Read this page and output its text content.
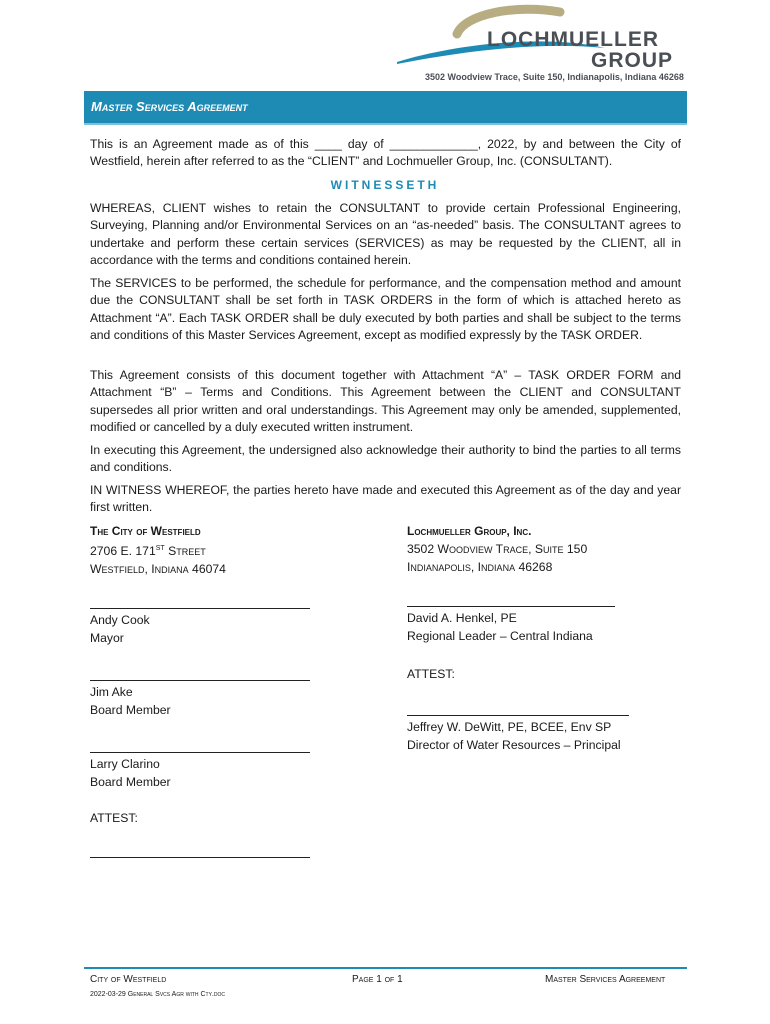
LOCHMUELLER
GROUP
3502 Woodview Trace, Suite 150, Indianapolis, Indiana 46268
Master Services Agreement
This is an Agreement made as of this ____ day of _____________, 2022, by and between the City of Westfield, herein after referred to as the “CLIENT” and Lochmueller Group, Inc. (CONSULTANT).
WITNESSETH
WHEREAS, CLIENT wishes to retain the CONSULTANT to provide certain Professional Engineering, Surveying, Planning and/or Environmental Services on an “as-needed” basis. The CONSULTANT agrees to undertake and perform these certain services (SERVICES) as may be requested by the CLIENT, all in accordance with the terms and conditions contained herein.
The SERVICES to be performed, the schedule for performance, and the compensation method and amount due the CONSULTANT shall be set forth in TASK ORDERS in the form of which is attached hereto as Attachment “A”. Each TASK ORDER shall be duly executed by both parties and shall be subject to the terms and conditions of this Master Services Agreement, except as modified expressly by the TASK ORDER.
This Agreement consists of this document together with Attachment “A” – TASK ORDER FORM and Attachment “B” – Terms and Conditions. This Agreement between the CLIENT and CONSULTANT supersedes all prior written and oral understandings. This Agreement may only be amended, supplemented, modified or cancelled by a duly executed written instrument.
In executing this Agreement, the undersigned also acknowledge their authority to bind the parties to all terms and conditions.
IN WITNESS WHEREOF, the parties hereto have made and executed this Agreement as of the day and year first written.
The City of Westfield
2706 E. 171ST Street
Westfield, Indiana 46074
Andy Cook
Mayor
Jim Ake
Board Member
Larry Clarino
Board Member
ATTEST:
Lochmueller Group, Inc.
3502 Woodview Trace, Suite 150
Indianapolis, Indiana 46268
David A. Henkel, PE
Regional Leader – Central Indiana
ATTEST:
Jeffrey W. DeWitt, PE, BCEE, Env SP
Director of Water Resources – Principal
City of Westfield	Page 1 of 1	Master Services Agreement
2022-03-29 General Svcs Agr with Cty.doc
